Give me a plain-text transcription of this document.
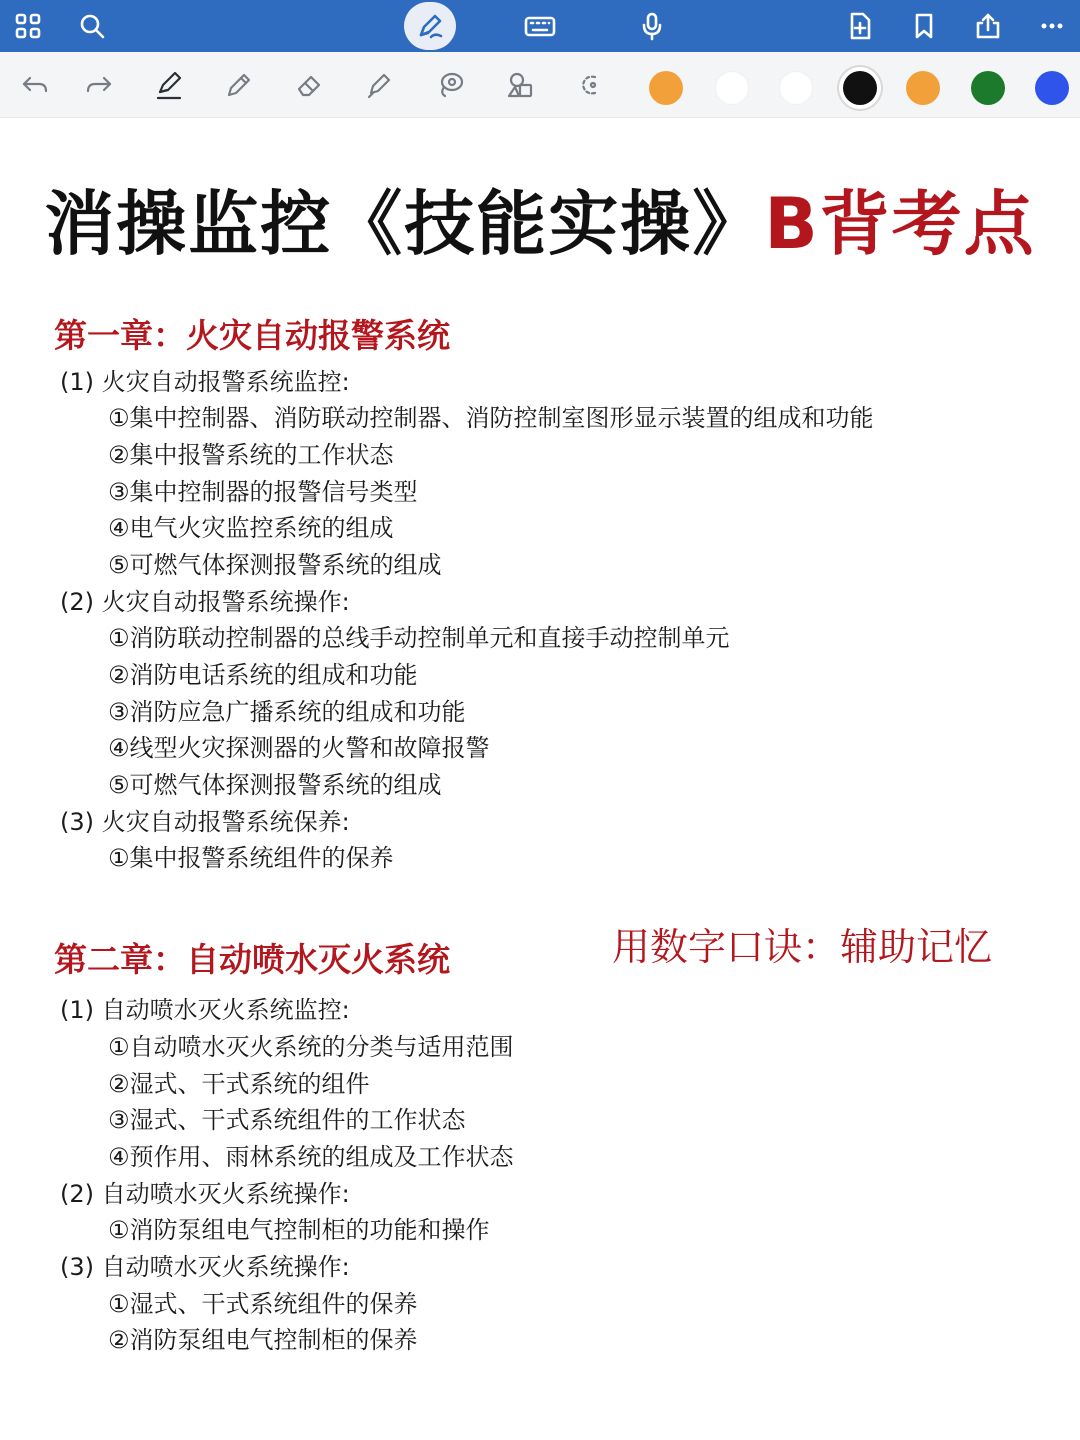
消操监控《技能实操》B背考点
第一章：火灾自动报警系统
(1) 火灾自动报警系统监控:
①集中控制器、消防联动控制器、消防控制室图形显示装置的组成和功能
②集中报警系统的工作状态
③集中控制器的报警信号类型
④电气火灾监控系统的组成
⑤可燃气体探测报警系统的组成
(2) 火灾自动报警系统操作:
①消防联动控制器的总线手动控制单元和直接手动控制单元
②消防电话系统的组成和功能
③消防应急广播系统的组成和功能
④线型火灾探测器的火警和故障报警
⑤可燃气体探测报警系统的组成
(3) 火灾自动报警系统保养:
①集中报警系统组件的保养
用数字口诀：辅助记忆
第二章：自动喷水灭火系统
(1) 自动喷水灭火系统监控:
①自动喷水灭火系统的分类与适用范围
②湿式、干式系统的组件
③湿式、干式系统组件的工作状态
④预作用、雨林系统的组成及工作状态
(2) 自动喷水灭火系统操作:
①消防泵组电气控制柜的功能和操作
(3) 自动喷水灭火系统操作:
①湿式、干式系统组件的保养
②消防泵组电气控制柜的保养
